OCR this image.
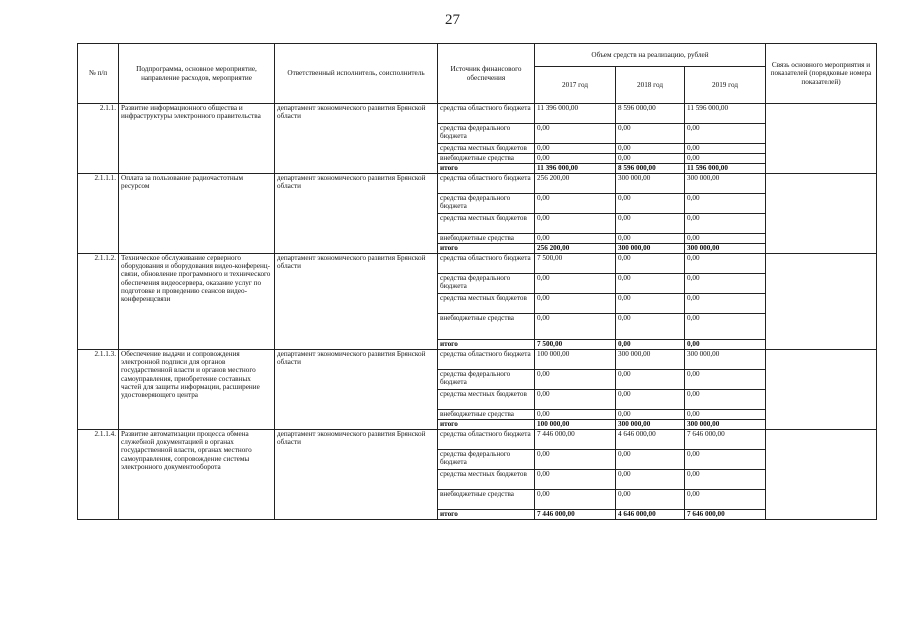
27
№ п/п	Подпрограмма, основное мероприятие, направление расходов, мероприятие	Ответственный исполнитель, соисполнитель	Источник финансового обеспечения	Объем средств на реализацию, рублей			Связь основного мероприятия и показателей (порядковые номера показателей)
				2017 год	2018 год	2019 год	
2.1.1.	Развитие информационного общества и инфраструктуры электронного правительства	департамент экономического развития Брянской области	средства областного бюджета	11 396 000,00	8 596 000,00	11 596 000,00	
			средства федерального бюджета	0,00	0,00	0,00	
			средства местных бюджетов	0,00	0,00	0,00	
			внебюджетные средства	0,00	0,00	0,00	
			итого	11 396 000,00	8 596 000,00	11 596 000,00	
2.1.1.1.	Оплата за пользование радиочастотным ресурсом	департамент экономического развития Брянской области	средства областного бюджета	256 200,00	300 000,00	300 000,00	
			средства федерального бюджета	0,00	0,00	0,00	
			средства местных бюджетов	0,00	0,00	0,00	
			внебюджетные средства	0,00	0,00	0,00	
			итого	256 200,00	300 000,00	300 000,00	
2.1.1.2.	Техническое обслуживание серверного оборудования и оборудования видео-конференц-связи, обновление программного и технического обеспечения видеосервера, оказание услуг по подготовке и проведению сеансов видео-конференцсвязи	департамент экономического развития Брянской области	средства областного бюджета	7 500,00	0,00	0,00	
			средства федерального бюджета	0,00	0,00	0,00	
			средства местных бюджетов	0,00	0,00	0,00	
			внебюджетные средства	0,00	0,00	0,00	
			итого	7 500,00	0,00	0,00	
2.1.1.3.	Обеспечение выдачи и сопровождения электронной подписи для органов государственной власти и органов местного самоуправления, приобретение составных частей для защиты информации, расширение удостоверяющего центра	департамент экономического развития Брянской области	средства областного бюджета	100 000,00	300 000,00	300 000,00	
			средства федерального бюджета	0,00	0,00	0,00	
			средства местных бюджетов	0,00	0,00	0,00	
			внебюджетные средства	0,00	0,00	0,00	
			итого	100 000,00	300 000,00	300 000,00	
2.1.1.4.	Развитие автоматизации процесса обмена служебной документацией в органах государственной власти, органах местного самоуправления, сопровождение системы электронного документооборота	департамент экономического развития Брянской области	средства областного бюджета	7 446 000,00	4 646 000,00	7 646 000,00	
			средства федерального бюджета	0,00	0,00	0,00	
			средства местных бюджетов	0,00	0,00	0,00	
			внебюджетные средства	0,00	0,00	0,00	
			итого	7 446 000,00	4 646 000,00	7 646 000,00	
